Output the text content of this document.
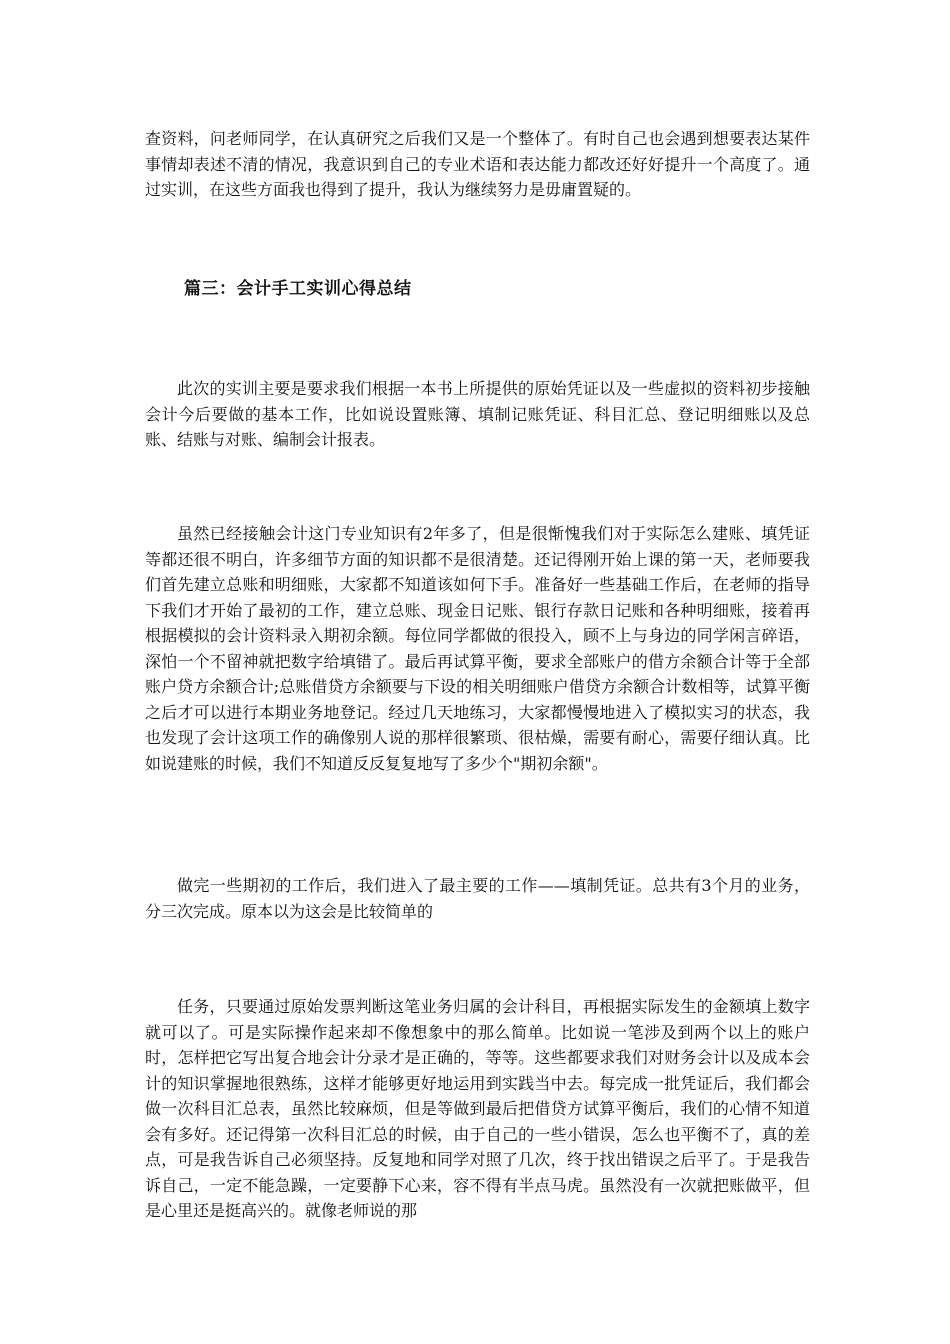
查资料，问老师同学，在认真研究之后我们又是一个整体了。有时自己也会遇到想要表达某件事情却表述不清的情况，我意识到自己的专业术语和表达能力都改还好好提升一个高度了。通过实训，在这些方面我也得到了提升，我认为继续努力是毋庸置疑的。

篇三：会计手工实训心得总结

此次的实训主要是要求我们根据一本书上所提供的原始凭证以及一些虚拟的资料初步接触会计今后要做的基本工作，比如说设置账簿、填制记账凭证、科目汇总、登记明细账以及总账、结账与对账、编制会计报表。

虽然已经接触会计这门专业知识有2年多了，但是很惭愧我们对于实际怎么建账、填凭证等都还很不明白，许多细节方面的知识都不是很清楚。还记得刚开始上课的第一天，老师要我们首先建立总账和明细账，大家都不知道该如何下手。准备好一些基础工作后，在老师的指导下我们才开始了最初的工作，建立总账、现金日记账、银行存款日记账和各种明细账，接着再根据模拟的会计资料录入期初余额。每位同学都做的很投入，顾不上与身边的同学闲言碎语，深怕一个不留神就把数字给填错了。最后再试算平衡，要求全部账户的借方余额合计等于全部账户贷方余额合计;总账借贷方余额要与下设的相关明细账户借贷方余额合计数相等，试算平衡之后才可以进行本期业务地登记。经过几天地练习，大家都慢慢地进入了模拟实习的状态，我也发现了会计这项工作的确像别人说的那样很繁琐、很枯燥，需要有耐心，需要仔细认真。比如说建账的时候，我们不知道反反复复地写了多少个"期初余额"。

做完一些期初的工作后，我们进入了最主要的工作——填制凭证。总共有3个月的业务，分三次完成。原本以为这会是比较简单的

任务，只要通过原始发票判断这笔业务归属的会计科目，再根据实际发生的金额填上数字就可以了。可是实际操作起来却不像想象中的那么简单。比如说一笔涉及到两个以上的账户时，怎样把它写出复合地会计分录才是正确的，等等。这些都要求我们对财务会计以及成本会计的知识掌握地很熟练，这样才能够更好地运用到实践当中去。每完成一批凭证后，我们都会做一次科目汇总表，虽然比较麻烦，但是等做到最后把借贷方试算平衡后，我们的心情不知道会有多好。还记得第一次科目汇总的时候，由于自己的一些小错误，怎么也平衡不了，真的差点，可是我告诉自己必须坚持。反复地和同学对照了几次，终于找出错误之后平了。于是我告诉自己，一定不能急躁，一定要静下心来，容不得有半点马虎。虽然没有一次就把账做平，但是心里还是挺高兴的。就像老师说的那
